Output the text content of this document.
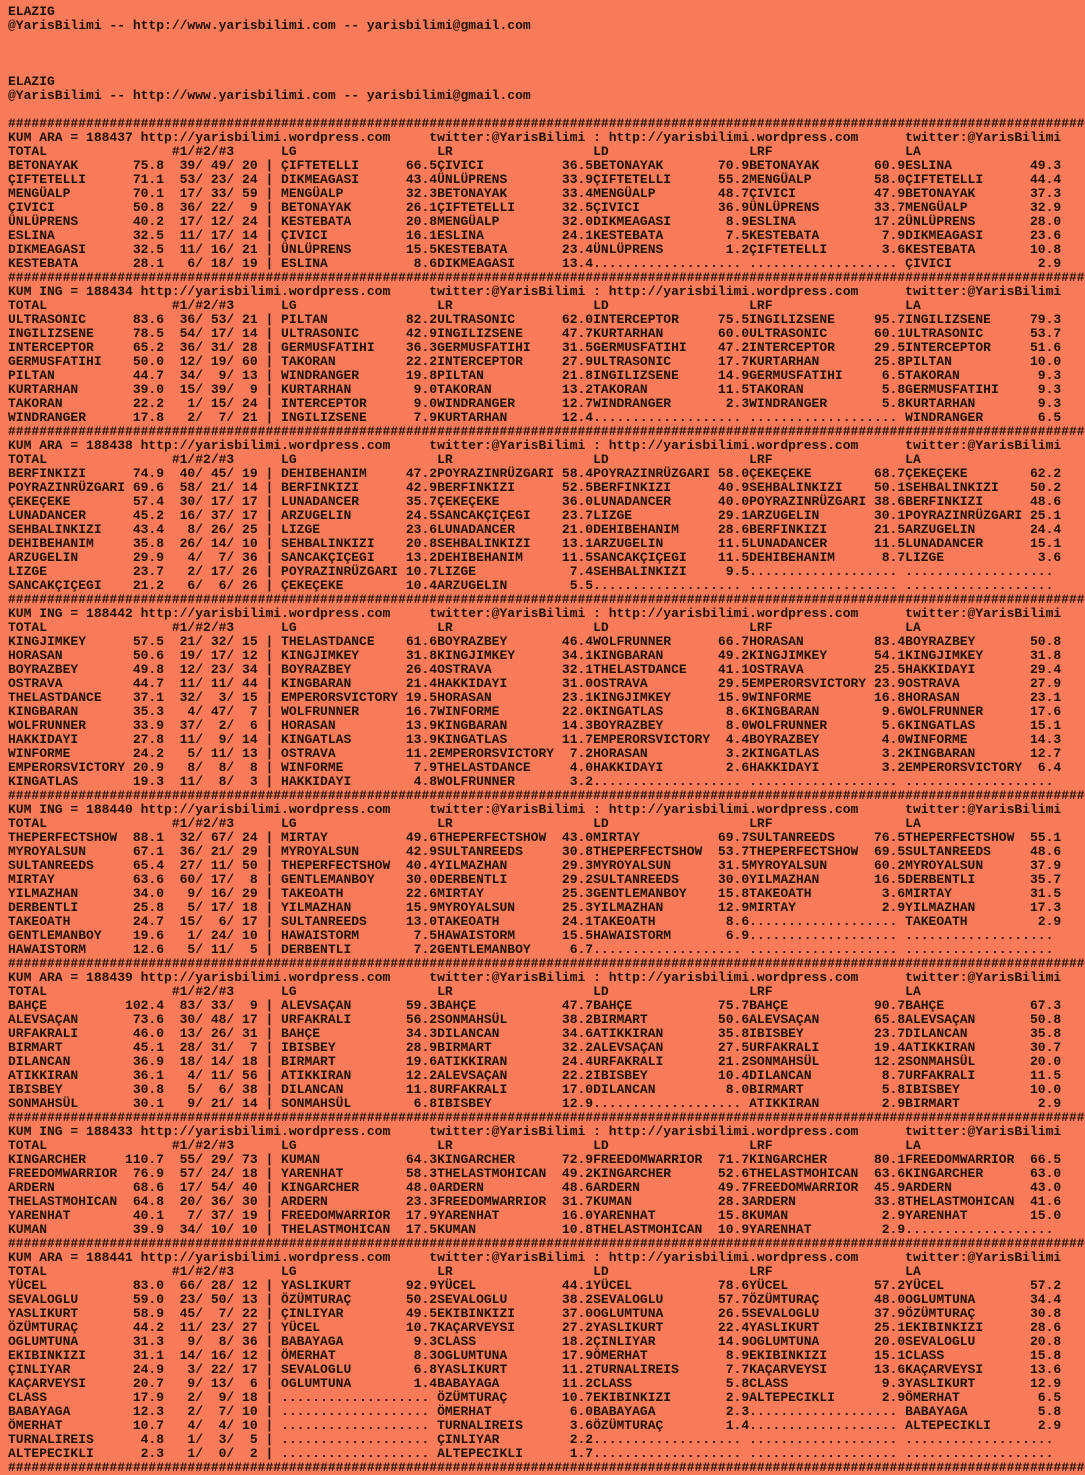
ELAZIG
@YarisBilimi -- http://www.yarisbilimi.com -- yarisbilimi@gmail.com
ELAZIG
@YarisBilimi -- http://www.yarisbilimi.com -- yarisbilimi@gmail.com
##########################################################################################################################################
KUM ARA = 188437 http://yarisbilimi.wordpress.com     twitter:@YarisBilimi : http://yarisbilimi.wordpress.com      twitter:@YarisBilimi
TOTAL                #1/#2/#3      LG                  LR                  LD                  LRF                 LA
BETONAYAK       75.8  39/ 49/ 20 | ÇIFTETELLI      66.5ÇIVICI          36.5BETONAYAK       70.9BETONAYAK       60.9ESLINA          49.3
ÇIFTETELLI      71.1  53/ 23/ 24 | DIKMEAGASI      43.4ÜNLÜPRENS       33.9ÇIFTETELLI      55.2MENGÜALP        58.0ÇIFTETELLI      44.4
MENGÜALP        70.1  17/ 33/ 59 | MENGÜALP        32.3BETONAYAK       33.4MENGÜALP        48.7ÇIVICI          47.9BETONAYAK       37.3
ÇIVICI          50.8  36/ 22/  9 | BETONAYAK       26.1ÇIFTETELLI      32.5ÇIVICI          36.9ÜNLÜPRENS       33.7MENGÜALP        32.9
ÜNLÜPRENS       40.2  17/ 12/ 24 | KESTEBATA       20.8MENGÜALP        32.0DIKMEAGASI       8.9ESLINA          17.2ÜNLÜPRENS       28.0
ESLINA          32.5  11/ 17/ 14 | ÇIVICI          16.1ESLINA          24.1KESTEBATA        7.5KESTEBATA        7.9DIKMEAGASI      23.6
DIKMEAGASI      32.5  11/ 16/ 21 | ÜNLÜPRENS       15.5KESTEBATA       23.4ÜNLÜPRENS        1.2ÇIFTETELLI       3.6KESTEBATA       10.8
KESTEBATA       28.1   6/ 18/ 19 | ESLINA           8.6DIKMEAGASI      13.4................... ................... ÇIVICI           2.9
##########################################################################################################################################
KUM ING = 188434 http://yarisbilimi.wordpress.com     twitter:@YarisBilimi : http://yarisbilimi.wordpress.com      twitter:@YarisBilimi
TOTAL                #1/#2/#3      LG                  LR                  LD                  LRF                 LA
ULTRASONIC      83.6  36/ 53/ 21 | PILTAN          82.2ULTRASONIC      62.0INTERCEPTOR     75.5INGILIZSENE     95.7INGILIZSENE     79.3
INGILIZSENE     78.5  54/ 17/ 14 | ULTRASONIC      42.9INGILIZSENE     47.7KURTARHAN       60.0ULTRASONIC      60.1ULTRASONIC      53.7
INTERCEPTOR     65.2  36/ 31/ 28 | GERMUSFATIHI    36.3GERMUSFATIHI    31.5GERMUSFATIHI    47.2INTERCEPTOR     29.5INTERCEPTOR     51.6
GERMUSFATIHI    50.0  12/ 19/ 60 | TAKORAN         22.2INTERCEPTOR     27.9ULTRASONIC      17.7KURTARHAN       25.8PILTAN          10.0
PILTAN          44.7  34/  9/ 13 | WINDRANGER      19.8PILTAN          21.8INGILIZSENE     14.9GERMUSFATIHI     6.5TAKORAN          9.3
KURTARHAN       39.0  15/ 39/  9 | KURTARHAN        9.0TAKORAN         13.2TAKORAN         11.5TAKORAN          5.8GERMUSFATIHI     9.3
TAKORAN         22.2   1/ 15/ 24 | INTERCEPTOR      9.0WINDRANGER      12.7WINDRANGER       2.3WINDRANGER       5.8KURTARHAN        9.3
WINDRANGER      17.8   2/  7/ 21 | INGILIZSENE      7.9KURTARHAN       12.4................... ................... WINDRANGER       6.5
##########################################################################################################################################
KUM ARA = 188438 http://yarisbilimi.wordpress.com     twitter:@YarisBilimi : http://yarisbilimi.wordpress.com      twitter:@YarisBilimi
TOTAL                #1/#2/#3      LG                  LR                  LD                  LRF                 LA
BERFINKIZI      74.9  40/ 45/ 19 | DEHIBEHANIM     47.2POYRAZINRÜZGARI 58.4POYRAZINRÜZGARI 58.0ÇEKEÇEKE        68.7ÇEKEÇEKE        62.2
POYRAZINRÜZGARI 69.6  58/ 21/ 14 | BERFINKIZI      42.9BERFINKIZI      52.5BERFINKIZI      40.9SEHBALINKIZI    50.1SEHBALINKIZI    50.2
ÇEKEÇEKE        57.4  30/ 17/ 17 | LUNADANCER      35.7ÇEKEÇEKE        36.0LUNADANCER      40.0POYRAZINRÜZGARI 38.6BERFINKIZI      48.6
LUNADANCER      45.2  16/ 37/ 17 | ARZUGELIN       24.5SANCAKÇIÇEGI    23.7LIZGE           29.1ARZUGELIN       30.1POYRAZINRÜZGARI 25.1
SEHBALINKIZI    43.4   8/ 26/ 25 | LIZGE           23.6LUNADANCER      21.0DEHIBEHANIM     28.6BERFINKIZI      21.5ARZUGELIN       24.4
DEHIBEHANIM     35.8  26/ 14/ 10 | SEHBALINKIZI    20.8SEHBALINKIZI    13.1ARZUGELIN       11.5LUNADANCER      11.5LUNADANCER      15.1
ARZUGELIN       29.9   4/  7/ 36 | SANCAKÇIÇEGI    13.2DEHIBEHANIM     11.5SANCAKÇIÇEGI    11.5DEHIBEHANIM      8.7LIZGE            3.6
LIZGE           23.7   2/ 17/ 26 | POYRAZINRÜZGARI 10.7LIZGE            7.4SEHBALINKIZI     9.5................... ...................
SANCAKÇIÇEGI    21.2   6/  6/ 26 | ÇEKEÇEKE        10.4ARZUGELIN        5.5................... ................... ...................
##########################################################################################################################################
KUM ING = 188442 http://yarisbilimi.wordpress.com     twitter:@YarisBilimi : http://yarisbilimi.wordpress.com      twitter:@YarisBilimi
TOTAL                #1/#2/#3      LG                  LR                  LD                  LRF                 LA
KINGJIMKEY      57.5  21/ 32/ 15 | THELASTDANCE    61.6BOYRAZBEY       46.4WOLFRUNNER      66.7HORASAN         83.4BOYRAZBEY       50.8
HORASAN         50.6  19/ 17/ 12 | KINGJIMKEY      31.8KINGJIMKEY      34.1KINGBARAN       49.2KINGJIMKEY      54.1KINGJIMKEY      31.8
BOYRAZBEY       49.8  12/ 23/ 34 | BOYRAZBEY       26.4OSTRAVA         32.1THELASTDANCE    41.1OSTRAVA         25.5HAKKIDAYI       29.4
OSTRAVA         44.7  11/ 11/ 44 | KINGBARAN       21.4HAKKIDAYI       31.0OSTRAVA         29.5EMPERORSVICTORY 23.9OSTRAVA         27.9
THELASTDANCE    37.1  32/  3/ 15 | EMPERORSVICTORY 19.5HORASAN         23.1KINGJIMKEY      15.9WINFORME        16.8HORASAN         23.1
KINGBARAN       35.3   4/ 47/  7 | WOLFRUNNER      16.7WINFORME        22.0KINGATLAS        8.6KINGBARAN        9.6WOLFRUNNER      17.6
WOLFRUNNER      33.9  37/  2/  6 | HORASAN         13.9KINGBARAN       14.3BOYRAZBEY        8.0WOLFRUNNER       5.6KINGATLAS       15.1
HAKKIDAYI       27.8  11/  9/ 14 | KINGATLAS       13.9KINGATLAS       11.7EMPERORSVICTORY  4.4BOYRAZBEY        4.0WINFORME        14.3
WINFORME        24.2   5/ 11/ 13 | OSTRAVA         11.2EMPERORSVICTORY  7.2HORASAN          3.2KINGATLAS        3.2KINGBARAN       12.7
EMPERORSVICTORY 20.9   8/  8/  8 | WINFORME         7.9THELASTDANCE     4.0HAKKIDAYI        2.6HAKKIDAYI        3.2EMPERORSVICTORY  6.4
KINGATLAS       19.3  11/  8/  3 | HAKKIDAYI        4.8WOLFRUNNER       3.2................... ................... ...................
##########################################################################################################################################
KUM ING = 188440 http://yarisbilimi.wordpress.com     twitter:@YarisBilimi : http://yarisbilimi.wordpress.com      twitter:@YarisBilimi
TOTAL                #1/#2/#3      LG                  LR                  LD                  LRF                 LA
THEPERFECTSHOW  88.1  32/ 67/ 24 | MIRTAY          49.6THEPERFECTSHOW  43.0MIRTAY          69.7SULTANREEDS     76.5THEPERFECTSHOW  55.1
MYROYALSUN      67.1  36/ 21/ 29 | MYROYALSUN      42.9SULTANREEDS     30.8THEPERFECTSHOW  53.7THEPERFECTSHOW  69.5SULTANREEDS     48.6
SULTANREEDS     65.4  27/ 11/ 50 | THEPERFECTSHOW  40.4YILMAZHAN       29.3MYROYALSUN      31.5MYROYALSUN      60.2MYROYALSUN      37.9
MIRTAY          63.6  60/ 17/  8 | GENTLEMANBOY    30.0DERBENTLI       29.2SULTANREEDS     30.0YILMAZHAN       16.5DERBENTLI       35.7
YILMAZHAN       34.0   9/ 16/ 29 | TAKEOATH        22.6MIRTAY          25.3GENTLEMANBOY    15.8TAKEOATH         3.6MIRTAY          31.5
DERBENTLI       25.8   5/ 17/ 18 | YILMAZHAN       15.9MYROYALSUN      25.3YILMAZHAN       12.9MIRTAY           2.9YILMAZHAN       17.3
TAKEOATH        24.7  15/  6/ 17 | SULTANREEDS     13.0TAKEOATH        24.1TAKEOATH         8.6................... TAKEOATH         2.9
GENTLEMANBOY    19.6   1/ 24/ 10 | HAWAISTORM       7.5HAWAISTORM      15.5HAWAISTORM       6.9................... ...................
HAWAISTORM      12.6   5/ 11/  5 | DERBENTLI        7.2GENTLEMANBOY     6.7................... ................... ...................
##########################################################################################################################################
KUM ARA = 188439 http://yarisbilimi.wordpress.com     twitter:@YarisBilimi : http://yarisbilimi.wordpress.com      twitter:@YarisBilimi
TOTAL                #1/#2/#3      LG                  LR                  LD                  LRF                 LA
BAHÇE          102.4  83/ 33/  9 | ALEVSAÇAN       59.3BAHÇE           47.7BAHÇE           75.7BAHÇE           90.7BAHÇE           67.3
ALEVSAÇAN       73.6  30/ 48/ 17 | URFAKRALI       56.2SONMAHSÜL       38.2BIRMART         50.6ALEVSAÇAN       65.8ALEVSAÇAN       50.8
URFAKRALI       46.0  13/ 26/ 31 | BAHÇE           34.3DILANCAN        34.6ATIKKIRAN       35.8IBISBEY         23.7DILANCAN        35.8
BIRMART         45.1  28/ 31/  7 | IBISBEY         28.9BIRMART         32.2ALEVSAÇAN       27.5URFAKRALI       19.4ATIKKIRAN       30.7
DILANCAN        36.9  18/ 14/ 18 | BIRMART         19.6ATIKKIRAN       24.4URFAKRALI       21.2SONMAHSÜL       12.2SONMAHSÜL       20.0
ATIKKIRAN       36.1   4/ 11/ 56 | ATIKKIRAN       12.2ALEVSAÇAN       22.2IBISBEY         10.4DILANCAN         8.7URFAKRALI       11.5
IBISBEY         30.8   5/  6/ 38 | DILANCAN        11.8URFAKRALI       17.0DILANCAN         8.0BIRMART          5.8IBISBEY         10.0
SONMAHSÜL       30.1   9/ 21/ 14 | SONMAHSÜL        6.8IBISBEY         12.9................... ATIKKIRAN        2.9BIRMART          2.9
##########################################################################################################################################
KUM ING = 188433 http://yarisbilimi.wordpress.com     twitter:@YarisBilimi : http://yarisbilimi.wordpress.com      twitter:@YarisBilimi
TOTAL                #1/#2/#3      LG                  LR                  LD                  LRF                 LA
KINGARCHER     110.7  55/ 29/ 73 | KUMAN           64.3KINGARCHER      72.9FREEDOMWARRIOR  71.7KINGARCHER      80.1FREEDOMWARRIOR  66.5
FREEDOMWARRIOR  76.9  57/ 24/ 18 | YARENHAT        58.3THELASTMOHICAN  49.2KINGARCHER      52.6THELASTMOHICAN  63.6KINGARCHER      63.0
ARDERN          68.6  17/ 54/ 40 | KINGARCHER      48.0ARDERN          48.6ARDERN          49.7FREEDOMWARRIOR  45.9ARDERN          43.0
THELASTMOHICAN  64.8  20/ 36/ 30 | ARDERN          23.3FREEDOMWARRIOR  31.7KUMAN           28.3ARDERN          33.8THELASTMOHICAN  41.6
YARENHAT        40.1   7/ 37/ 19 | FREEDOMWARRIOR  17.9YARENHAT        16.0YARENHAT        15.8KUMAN            2.9YARENHAT        15.0
KUMAN           39.9  34/ 10/ 10 | THELASTMOHICAN  17.5KUMAN           10.8THELASTMOHICAN  10.9YARENHAT         2.9...................
##########################################################################################################################################
KUM ARA = 188441 http://yarisbilimi.wordpress.com     twitter:@YarisBilimi : http://yarisbilimi.wordpress.com      twitter:@YarisBilimi
TOTAL                #1/#2/#3      LG                  LR                  LD                  LRF                 LA
YÜCEL           83.0  66/ 28/ 12 | YASLIKURT       92.9YÜCEL           44.1YÜCEL           78.6YÜCEL           57.2YÜCEL           57.2
SEVALOGLU       59.0  23/ 50/ 13 | ÖZÜMTURAÇ       50.2SEVALOGLU       38.2SEVALOGLU       57.7ÖZÜMTURAÇ       48.0OGLUMTUNA       34.4
YASLIKURT       58.9  45/  7/ 22 | ÇINLIYAR        49.5EKIBINKIZI      37.0OGLUMTUNA       26.5SEVALOGLU       37.9ÖZÜMTURAÇ       30.8
ÖZÜMTURAÇ       44.2  11/ 23/ 27 | YÜCEL           10.7KAÇARVEYSI      27.2YASLIKURT       22.4YASLIKURT       25.1EKIBINKIZI      28.6
OGLUMTUNA       31.3   9/  8/ 36 | BABAYAGA         9.3CLASS           18.2ÇINLIYAR        14.9OGLUMTUNA       20.0SEVALOGLU       20.8
EKIBINKIZI      31.1  14/ 16/ 12 | ÖMERHAT          8.3OGLUMTUNA       17.9ÖMERHAT          8.9EKIBINKIZI      15.1CLASS           15.8
ÇINLIYAR        24.9   3/ 22/ 17 | SEVALOGLU        6.8YASLIKURT       11.2TURNALIREIS      7.7KAÇARVEYSI      13.6KAÇARVEYSI      13.6
KAÇARVEYSI      20.7   9/ 13/  6 | OGLUMTUNA        1.4BABAYAGA        11.2CLASS            5.8CLASS            9.3YASLIKURT       12.9
CLASS           17.9   2/  9/ 18 | ................... ÖZÜMTURAÇ       10.7EKIBINKIZI       2.9ALTEPECIKLI      2.9ÖMERHAT          6.5
BABAYAGA        12.3   2/  7/ 10 | ................... ÖMERHAT          6.0BABAYAGA         2.3................... BABAYAGA         5.8
ÖMERHAT         10.7   4/  4/ 10 | ................... TURNALIREIS      3.6ÖZÜMTURAÇ        1.4................... ALTEPECIKLI      2.9
TURNALIREIS      4.8   1/  3/  5 | ................... ÇINLIYAR         2.2................... ................... ...................
ALTEPECIKLI      2.3   1/  0/  2 | ................... ALTEPECIKLI      1.7................... ................... ...................
##########################################################################################################################################
